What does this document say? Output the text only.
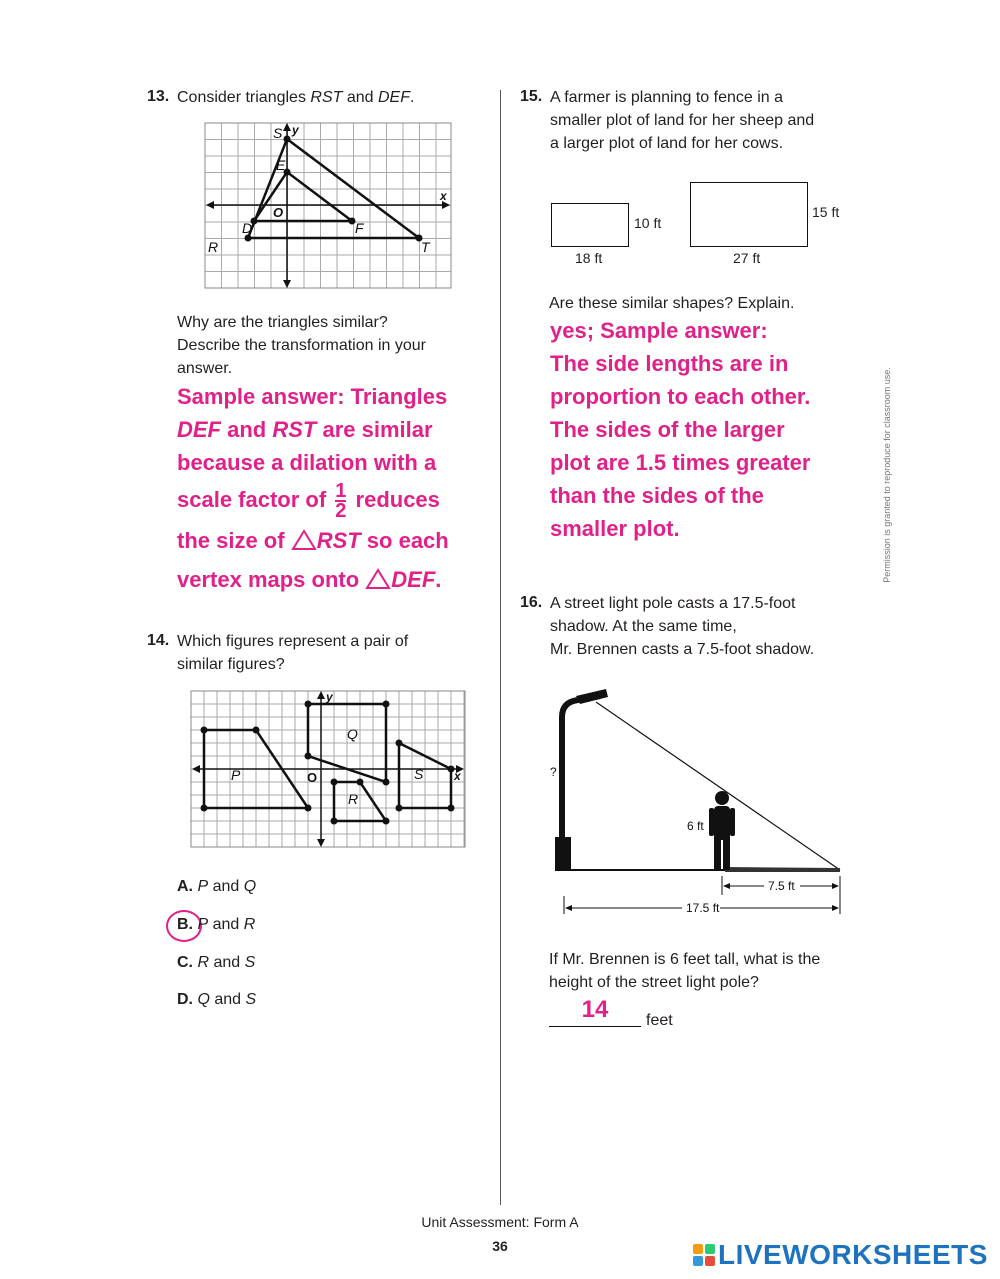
13. Consider triangles RST and DEF.
S y
E
x
O
D	F
R	T
Why are the triangles similar?
Describe the transformation in your
answer.
Sample answer: Triangles
DEF and RST are similar
because a dilation with a
scale factor of $\frac{1}{2}$ reduces
the size of RST so each
vertex maps onto DEF.
14. Which figures represent a pair of
similar figures?
y
Q
P	O	S	x
R
A. P and Q
B. P and R
C. R and S
D. Q and S
15. A farmer is planning to fence in a
smaller plot of land for her sheep and
a larger plot of land for her cows.
10 ft
18 ft
15 ft
27 ft
Are these similar shapes? Explain.
yes; Sample answer:
The side lengths are in
proportion to each other.
The sides of the larger
plot are 1.5 times greater
than the sides of the
smaller plot.
16. A street light pole casts a 17.5-foot
shadow. At the same time,
Mr. Brennen casts a 7.5-foot shadow.
?
6 ft
7.5 ft
17.5 ft
If Mr. Brennen is 6 feet tall, what is the
height of the street light pole?
14	feet
Permission is granted to reproduce for classroom use.
Unit Assessment: Form A
36	LIVEWORKSHEETS
